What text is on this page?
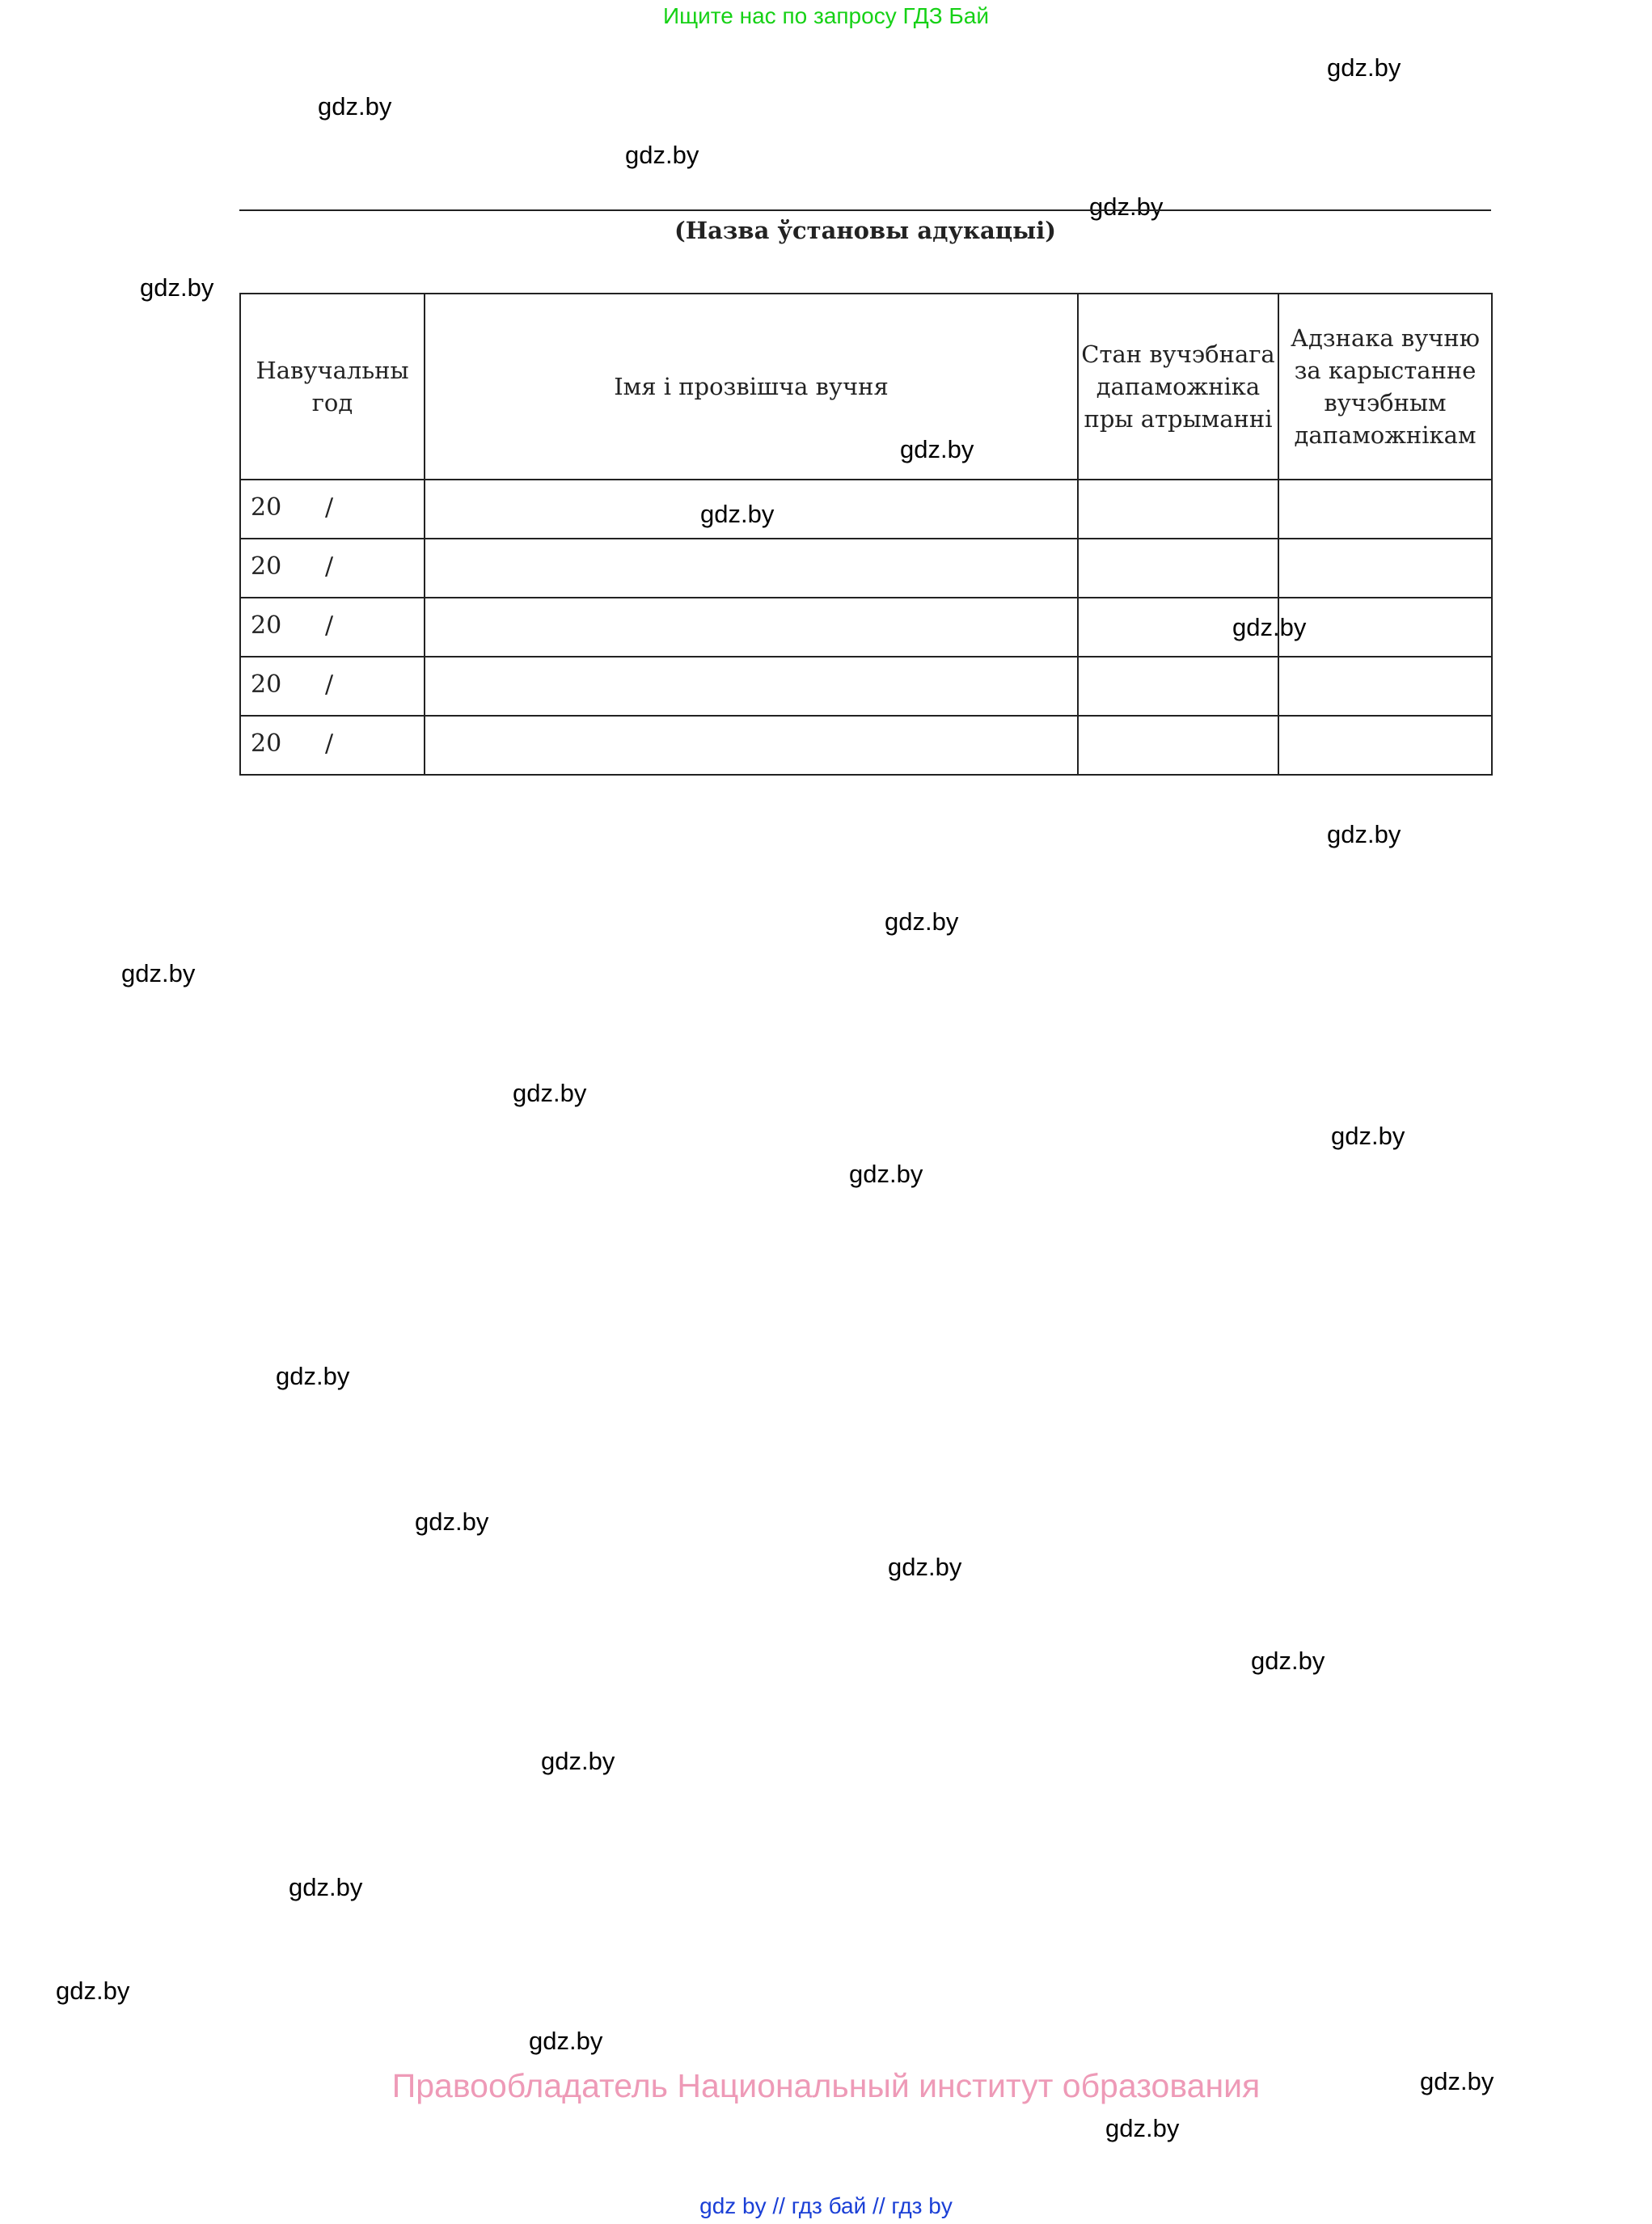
Ищите нас по запросу ГДЗ Бай
gdz.by
gdz.by
gdz.by
gdz.by
gdz.by
gdz.by
gdz.by
gdz.by
gdz.by
gdz.by
gdz.by
gdz.by
gdz.by
gdz.by
gdz.by
gdz.by
gdz.by
gdz.by
gdz.by
gdz.by
gdz.by
gdz.by
gdz.by
gdz.by
(Назва ўстановы адукацыі)
Навучальны год	Імя і прозвішча вучня	Стан вучэбнага дапаможніка пры атрыманні	Адзнака вучню за карыстанне вучэбным дапаможнікам

20 /			

20 /			

20 /			

20 /			

20 /			

Правообладатель Национальный институт образования
gdz by // гдз бай // гдз by
